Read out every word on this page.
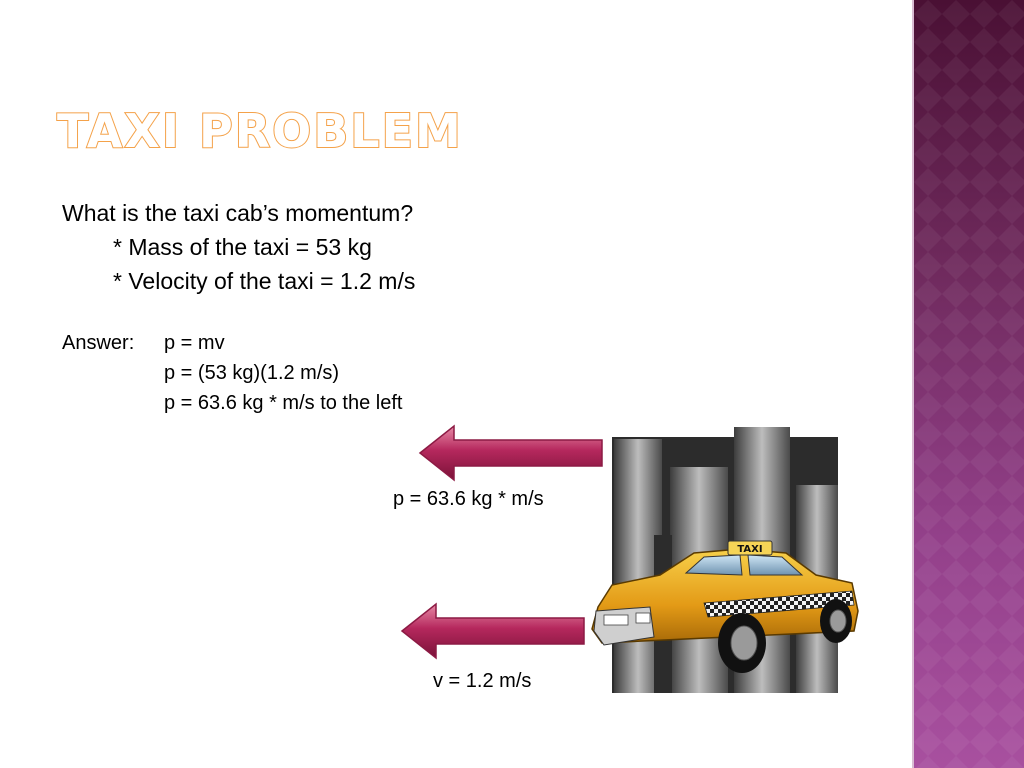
TAXI PROBLEM
What is the taxi cab’s momentum?
* Mass of the taxi = 53 kg
* Velocity of the taxi = 1.2 m/s
Answer: p = mv
p = (53 kg)(1.2 m/s)
p = 63.6 kg * m/s to the left
p = 63.6 kg * m/s
v = 1.2 m/s
TAXI
